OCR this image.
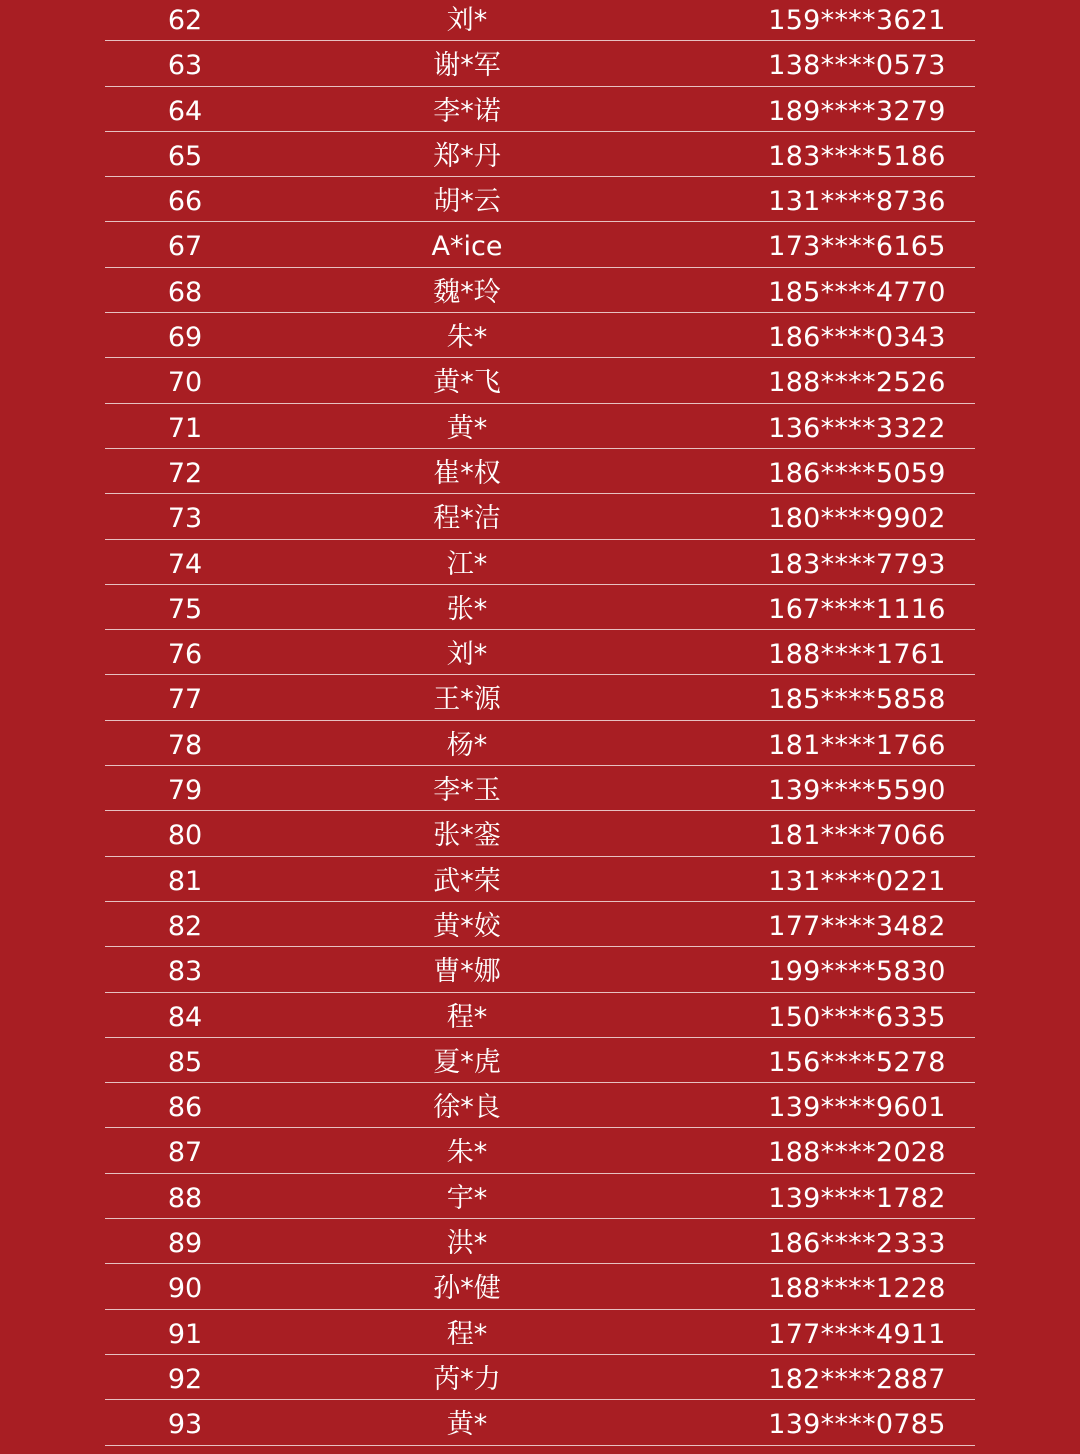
62	刘*	159****3621
63	谢*军	138****0573
64	李*诺	189****3279
65	郑*丹	183****5186
66	胡*云	131****8736
67	A*ice	173****6165
68	魏*玲	185****4770
69	朱*	186****0343
70	黄*飞	188****2526
71	黄*	136****3322
72	崔*权	186****5059
73	程*洁	180****9902
74	江*	183****7793
75	张*	167****1116
76	刘*	188****1761
77	王*源	185****5858
78	杨*	181****1766
79	李*玉	139****5590
80	张*銮	181****7066
81	武*荣	131****0221
82	黄*姣	177****3482
83	曹*娜	199****5830
84	程*	150****6335
85	夏*虎	156****5278
86	徐*良	139****9601
87	朱*	188****2028
88	宇*	139****1782
89	洪*	186****2333
90	孙*健	188****1228
91	程*	177****4911
92	芮*力	182****2887
93	黄*	139****0785
